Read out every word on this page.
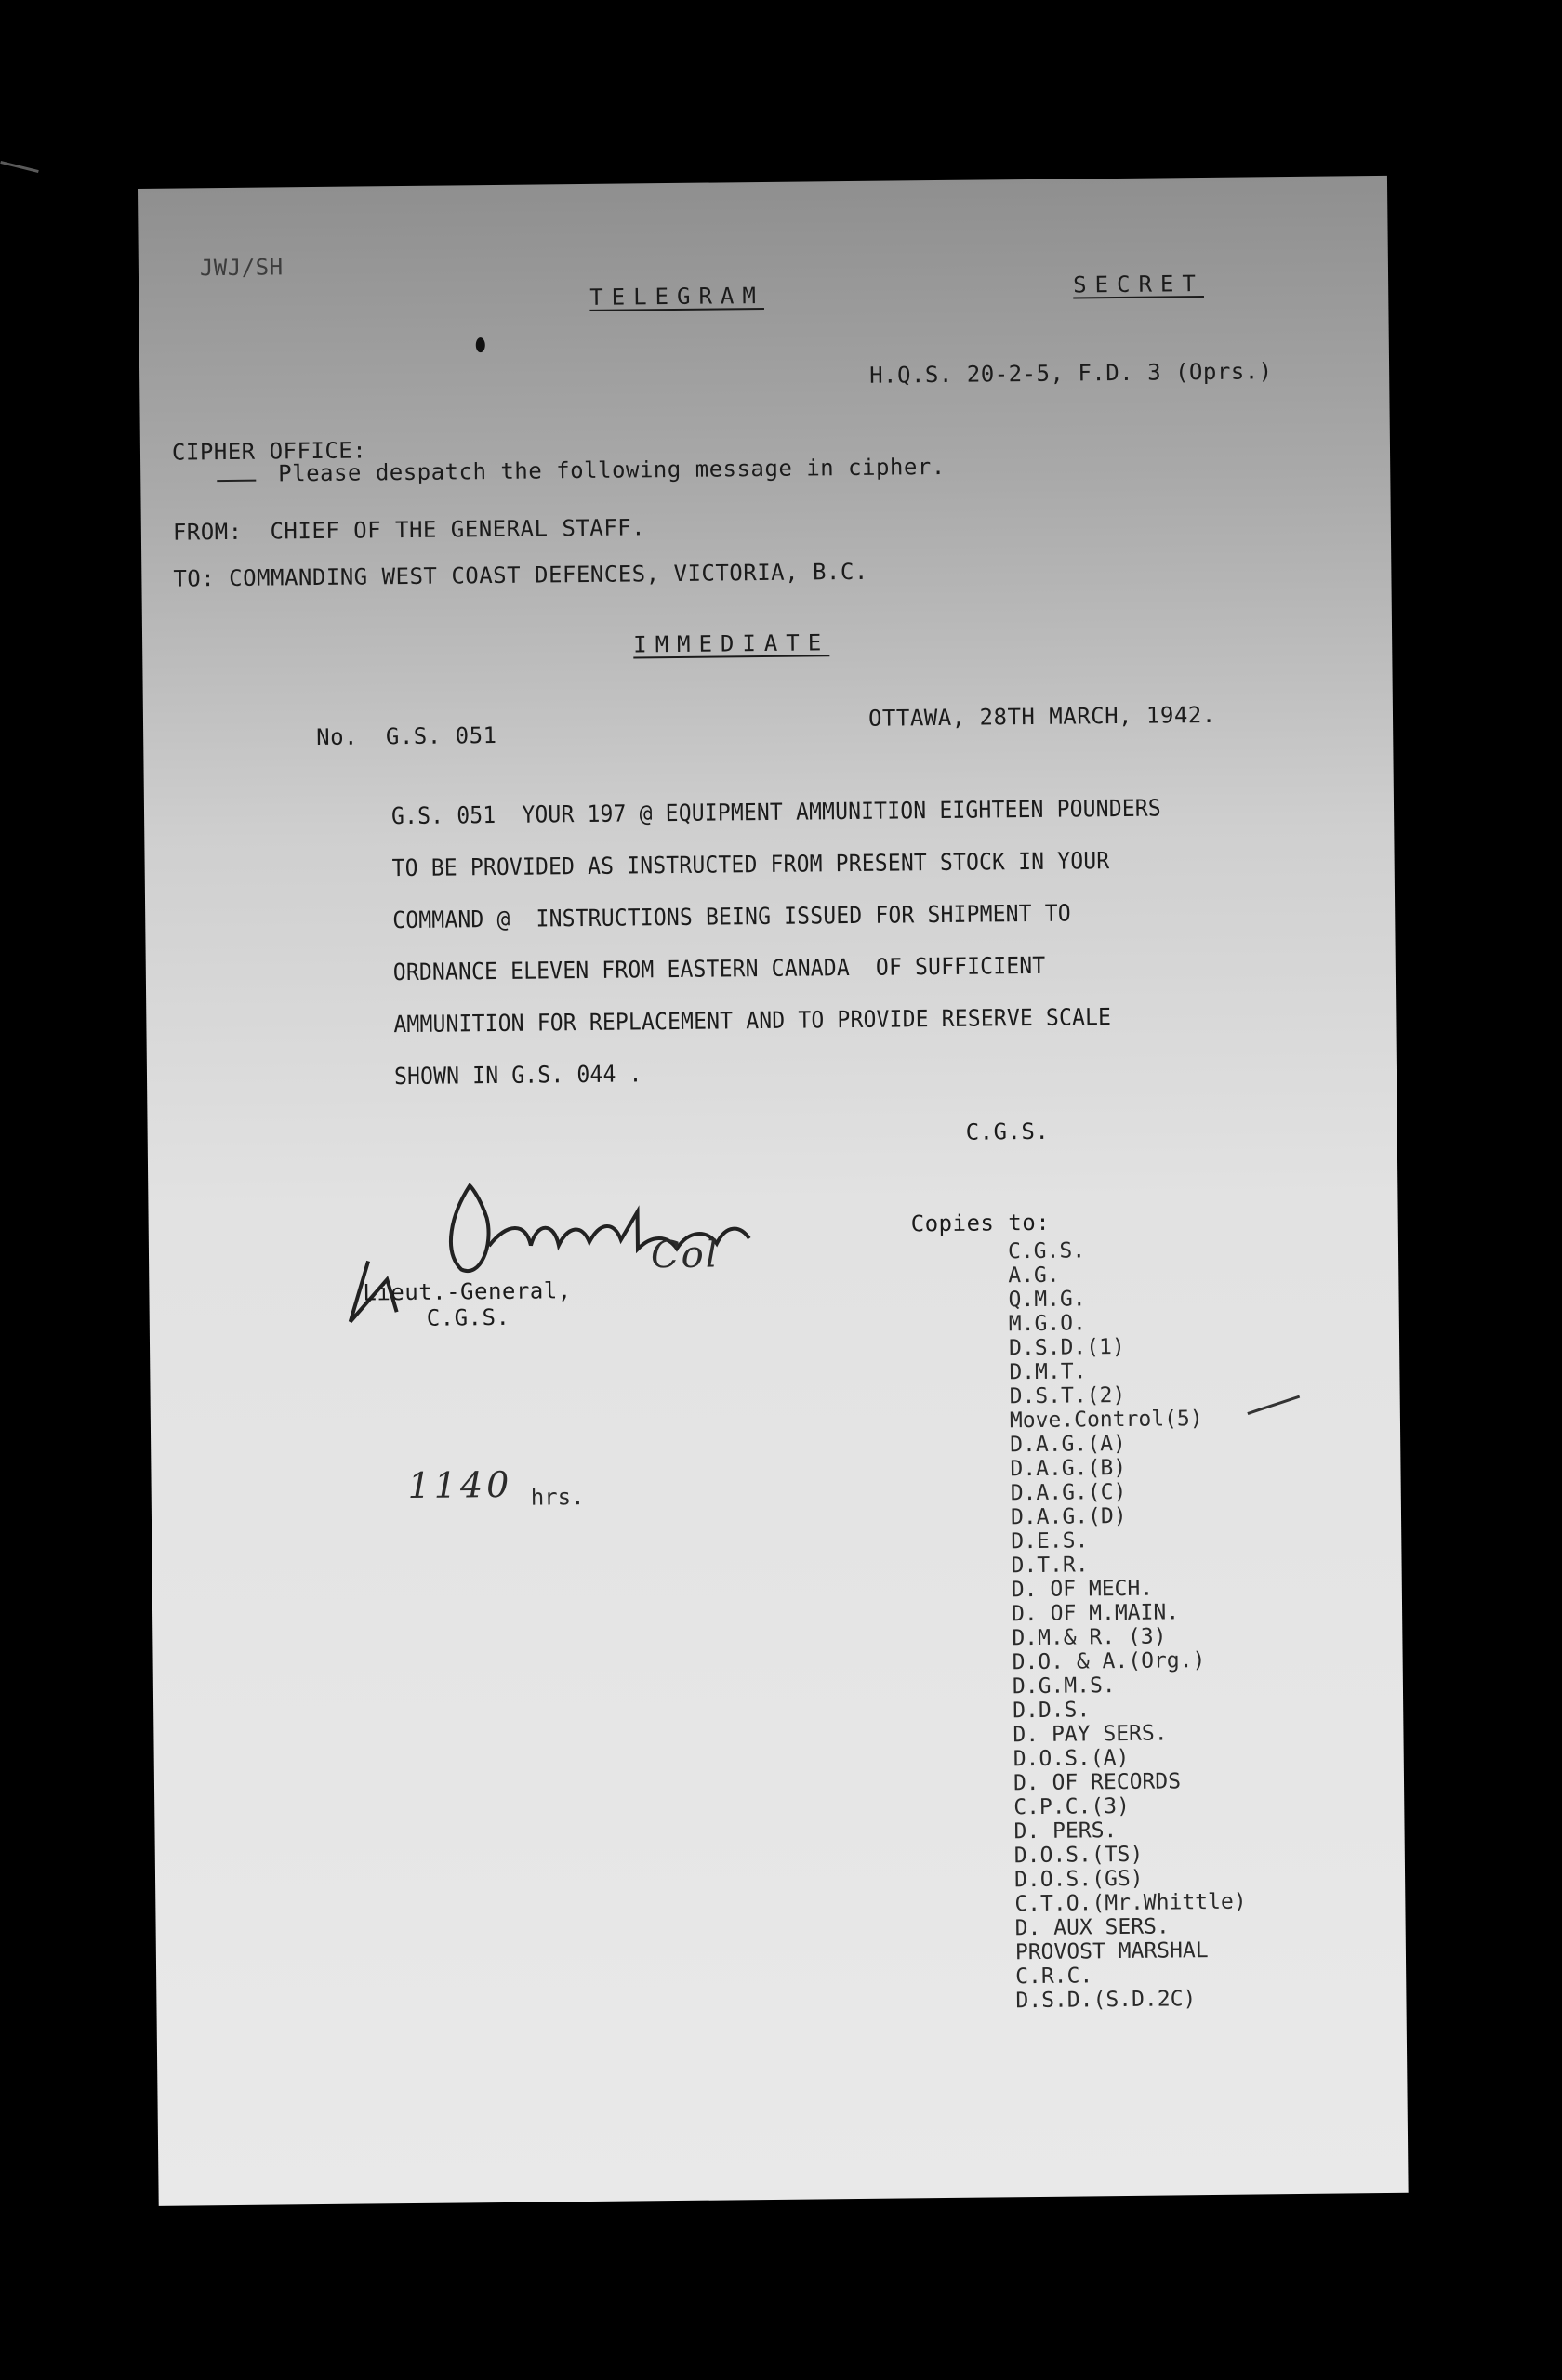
JWJ/SH
TELEGRAM	SECRET
H.Q.S. 20-2-5, F.D. 3 (Oprs.)
CIPHER OFFICE:
Please despatch the following message in cipher.
FROM:  CHIEF OF THE GENERAL STAFF.
TO: COMMANDING WEST COAST DEFENCES, VICTORIA, B.C.
IMMEDIATE
No.  G.S. 051
OTTAWA, 28TH MARCH, 1942.
G.S. 051  YOUR 197 @ EQUIPMENT AMMUNITION EIGHTEEN POUNDERS
TO BE PROVIDED AS INSTRUCTED FROM PRESENT STOCK IN YOUR
COMMAND @  INSTRUCTIONS BEING ISSUED FOR SHIPMENT TO
ORDNANCE ELEVEN FROM EASTERN CANADA  OF SUFFICIENT
AMMUNITION FOR REPLACEMENT AND TO PROVIDE RESERVE SCALE
SHOWN IN G.S. 044 .
C.G.S.
Col
Lieut.-General,
C.G.S.
1140 hrs.
Copies to:
C.G.S.
A.G.
Q.M.G.
M.G.O.
D.S.D.(1)
D.M.T.
D.S.T.(2)
Move.Control(5)
D.A.G.(A)
D.A.G.(B)
D.A.G.(C)
D.A.G.(D)
D.E.S.
D.T.R.
D. OF MECH.
D. OF M.MAIN.
D.M.& R. (3)
D.O. & A.(Org.)
D.G.M.S.
D.D.S.
D. PAY SERS.
D.O.S.(A)
D. OF RECORDS
C.P.C.(3)
D. PERS.
D.O.S.(TS)
D.O.S.(GS)
C.T.O.(Mr.Whittle)
D. AUX SERS.
PROVOST MARSHAL
C.R.C.
D.S.D.(S.D.2C)
